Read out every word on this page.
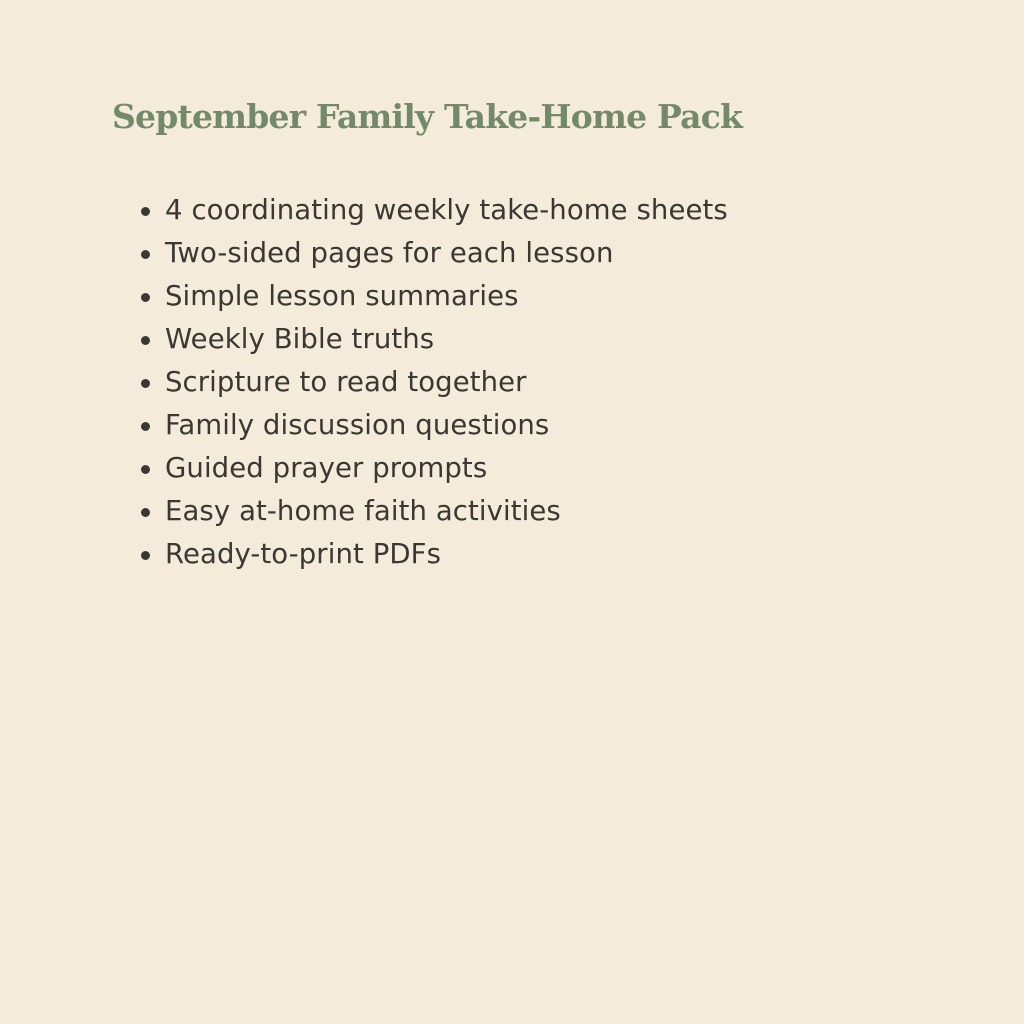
September Family Take-Home Pack
4 coordinating weekly take-home sheets
Two-sided pages for each lesson
Simple lesson summaries
Weekly Bible truths
Scripture to read together
Family discussion questions
Guided prayer prompts
Easy at-home faith activities
Ready-to-print PDFs
